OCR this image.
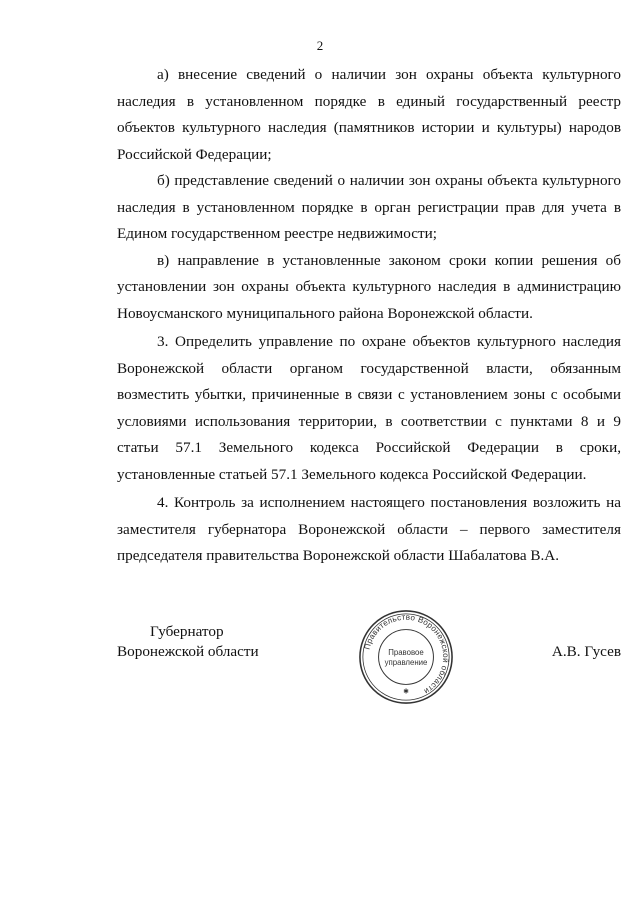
2

а) внесение сведений о наличии зон охраны объекта культурного наследия в установленном порядке в единый государственный реестр объектов культурного наследия (памятников истории и культуры) народов Российской Федерации;

б) представление сведений о наличии зон охраны объекта культурного наследия в установленном порядке в орган регистрации прав для учета в Едином государственном реестре недвижимости;

в) направление в установленные законом сроки копии решения об установлении зон охраны объекта культурного наследия в администрацию Новоусманского муниципального района Воронежской области.

3. Определить управление по охране объектов культурного наследия Воронежской области органом государственной власти, обязанным возместить убытки, причиненные в связи с установлением зоны с особыми условиями использования территории, в соответствии с пунктами 8 и 9 статьи 57.1 Земельного кодекса Российской Федерации в сроки, установленные статьей 57.1 Земельного кодекса Российской Федерации.

4. Контроль за исполнением настоящего постановления возложить на заместителя губернатора Воронежской области – первого заместителя председателя правительства Воронежской области Шабалатова В.А.

Губернатор
Воронежской области	А.В. Гусев
Правительство Воронежской области
✱
Правовое
управление
